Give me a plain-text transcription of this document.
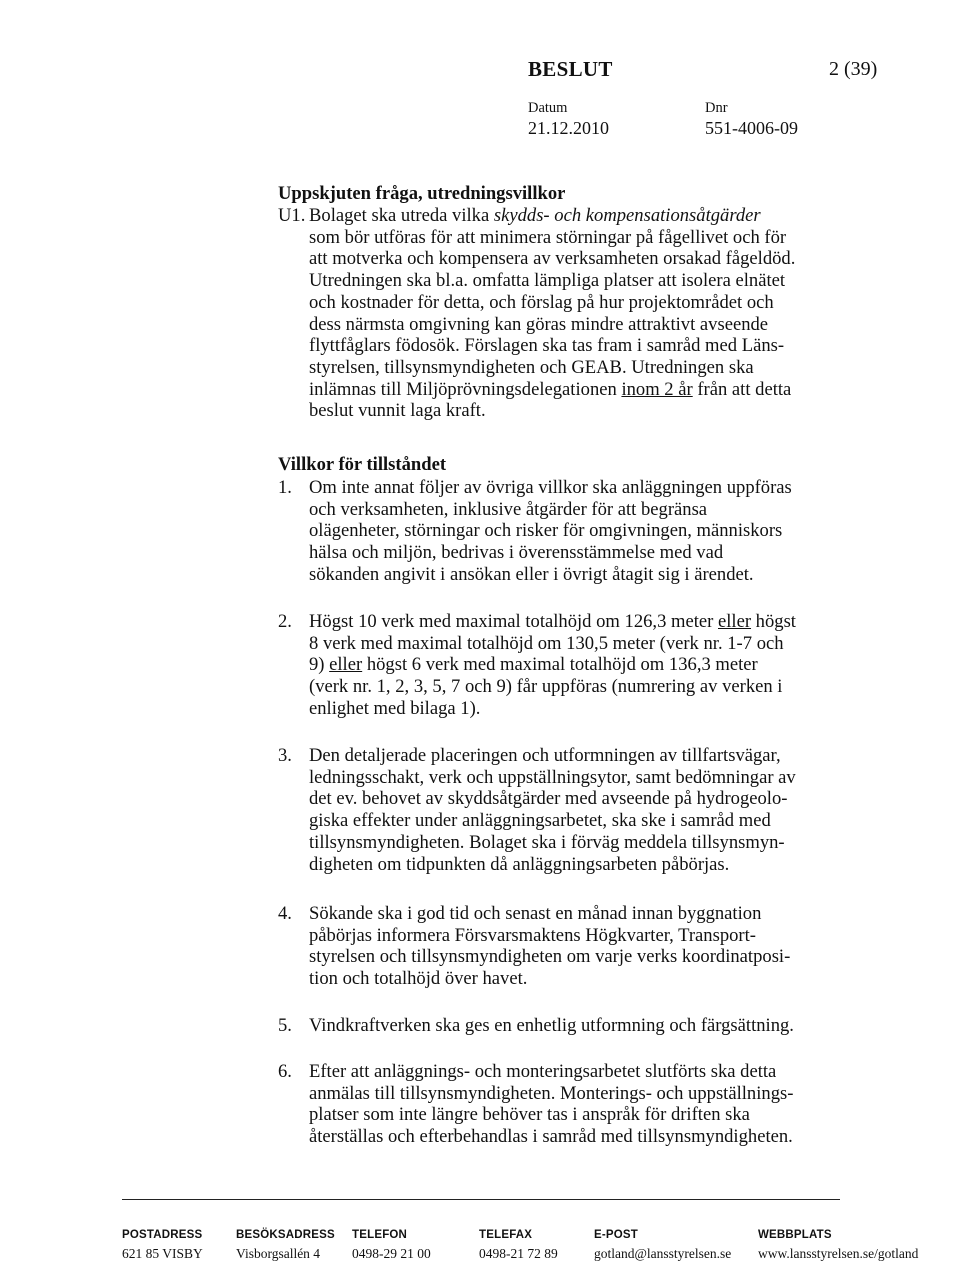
BESLUT	2 (39)
Datum	Dnr
21.12.2010	551-4006-09
Uppskjuten fråga, utredningsvillkor
U1. Bolaget ska utreda vilka skydds- och kompensationsåtgärder
som bör utföras för att minimera störningar på fågellivet och för
att motverka och kompensera av verksamheten orsakad fågeldöd.
Utredningen ska bl.a. omfatta lämpliga platser att isolera elnätet
och kostnader för detta, och förslag på hur projektområdet och
dess närmsta omgivning kan göras mindre attraktivt avseende
flyttfåglars födosök. Förslagen ska tas fram i samråd med Läns-
styrelsen, tillsynsmyndigheten och GEAB. Utredningen ska
inlämnas till Miljöprövningsdelegationen inom 2 år från att detta
beslut vunnit laga kraft.
Villkor för tillståndet
1. Om inte annat följer av övriga villkor ska anläggningen uppföras
och verksamheten, inklusive åtgärder för att begränsa
olägenheter, störningar och risker för omgivningen, människors
hälsa och miljön, bedrivas i överensstämmelse med vad
sökanden angivit i ansökan eller i övrigt åtagit sig i ärendet.
2. Högst 10 verk med maximal totalhöjd om 126,3 meter eller högst
8 verk med maximal totalhöjd om 130,5 meter (verk nr. 1-7 och
9) eller högst 6 verk med maximal totalhöjd om 136,3 meter
(verk nr. 1, 2, 3, 5, 7 och 9) får uppföras (numrering av verken i
enlighet med bilaga 1).
3. Den detaljerade placeringen och utformningen av tillfartsvägar,
ledningsschakt, verk och uppställningsytor, samt bedömningar av
det ev. behovet av skyddsåtgärder med avseende på hydrogeolo-
giska effekter under anläggningsarbetet, ska ske i samråd med
tillsynsmyndigheten. Bolaget ska i förväg meddela tillsynsmyn-
digheten om tidpunkten då anläggningsarbeten påbörjas.
4. Sökande ska i god tid och senast en månad innan byggnation
påbörjas informera Försvarsmaktens Högkvarter, Transport-
styrelsen och tillsynsmyndigheten om varje verks koordinatposi-
tion och totalhöjd över havet.
5. Vindkraftverken ska ges en enhetlig utformning och färgsättning.
6. Efter att anläggnings- och monteringsarbetet slutförts ska detta
anmälas till tillsynsmyndigheten. Monterings- och uppställnings-
platser som inte längre behöver tas i anspråk för driften ska
återställas och efterbehandlas i samråd med tillsynsmyndigheten.
POSTADRESS
621 85 VISBY
BESÖKSADRESS
Visborgsallén 4
TELEFON
0498-29 21 00
TELEFAX
0498-21 72 89
E-POST
gotland@lansstyrelsen.se
WEBBPLATS
www.lansstyrelsen.se/gotland
